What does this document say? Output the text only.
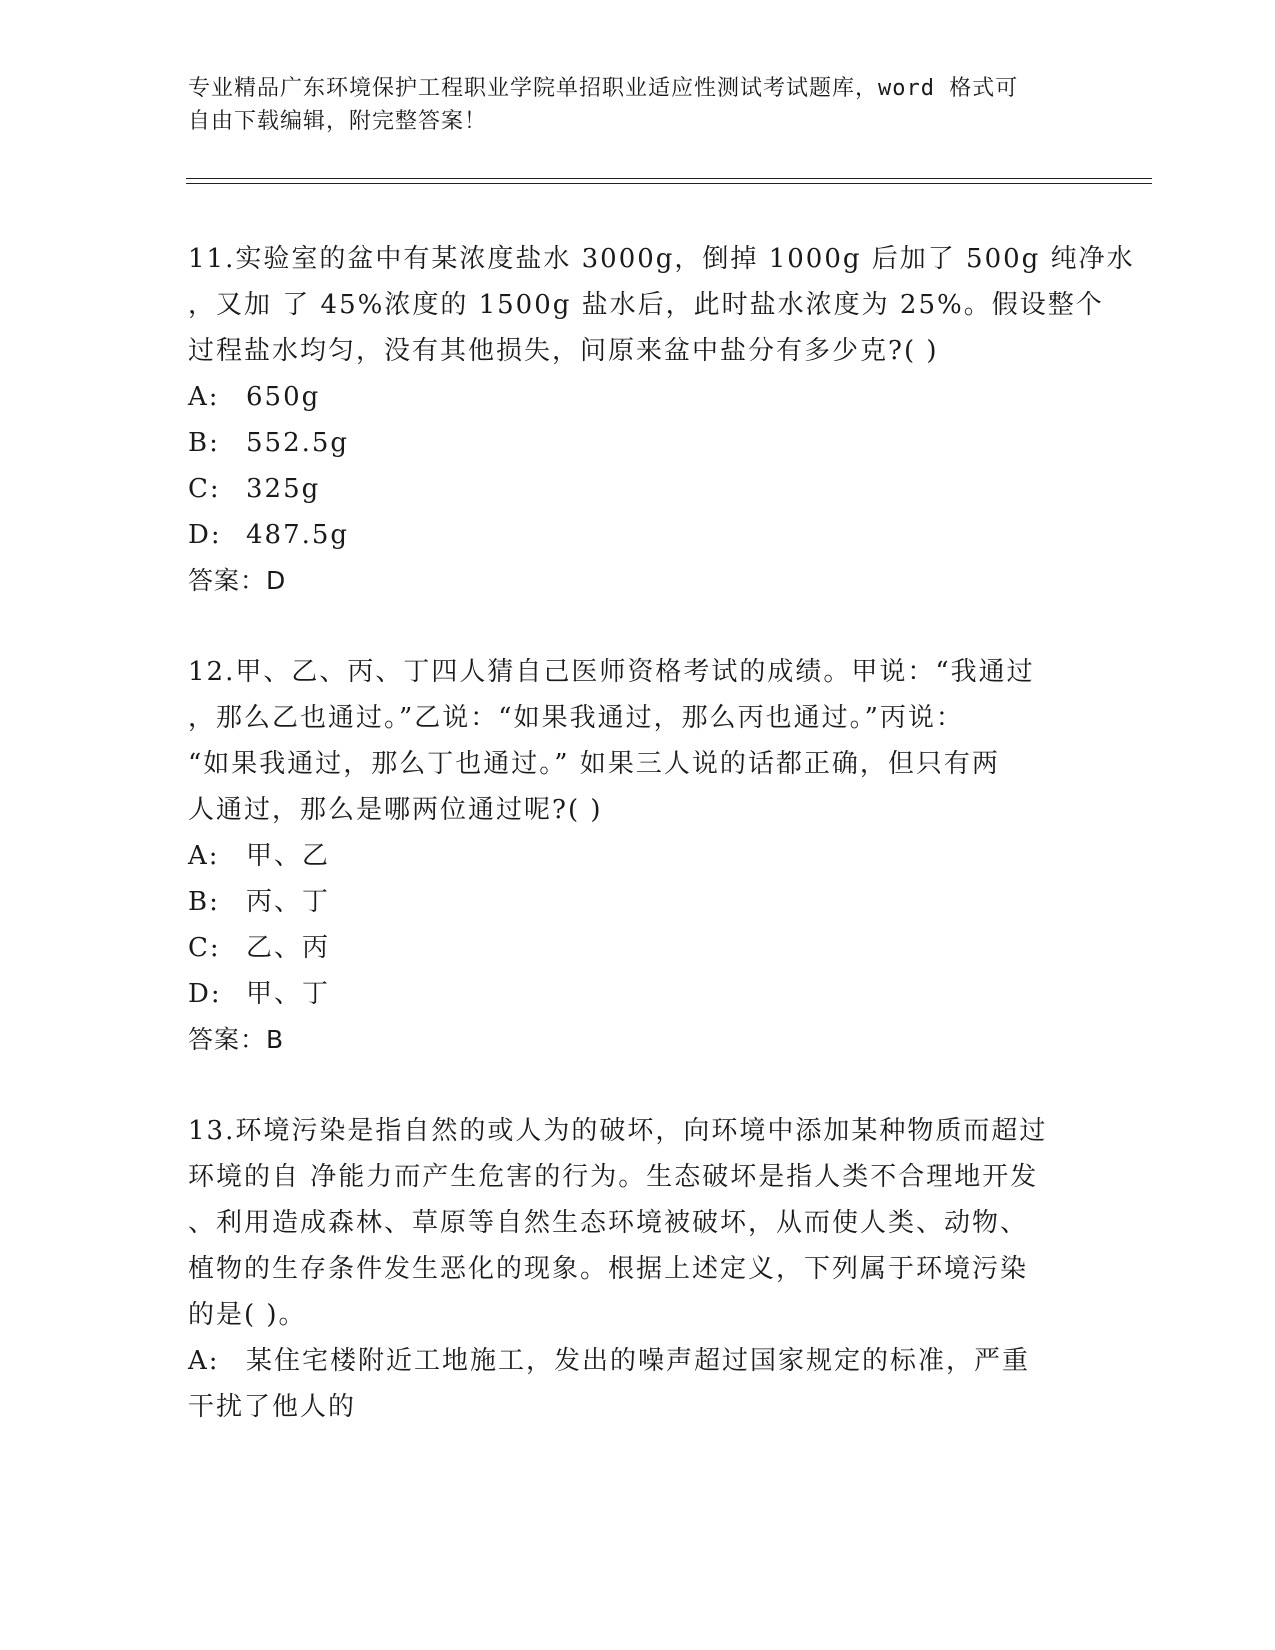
专业精品广东环境保护工程职业学院单招职业适应性测试考试题库，word 格式可
自由下载编辑，附完整答案！
11.实验室的盆中有某浓度盐水 3000g，倒掉 1000g 后加了 500g 纯净水
，又加 了 45%浓度的 1500g 盐水后，此时盐水浓度为 25%。假设整个
过程盐水均匀，没有其他损失，问原来盆中盐分有多少克?( )
A: 650g
B: 552.5g
C: 325g
D: 487.5g
答案：D
12.甲、乙、丙、丁四人猜自己医师资格考试的成绩。甲说：“我通过
，那么乙也通过。”乙说：“如果我通过，那么丙也通过。”丙说：
“如果我通过，那么丁也通过。” 如果三人说的话都正确，但只有两
人通过，那么是哪两位通过呢?( )
A: 甲、乙
B: 丙、丁
C: 乙、丙
D: 甲、丁
答案：B
13.环境污染是指自然的或人为的破坏，向环境中添加某种物质而超过
环境的自 净能力而产生危害的行为。生态破坏是指人类不合理地开发
、利用造成森林、草原等自然生态环境被破坏，从而使人类、动物、
植物的生存条件发生恶化的现象。根据上述定义，下列属于环境污染
的是( )。
A: 某住宅楼附近工地施工，发出的噪声超过国家规定的标准，严重
干扰了他人的
